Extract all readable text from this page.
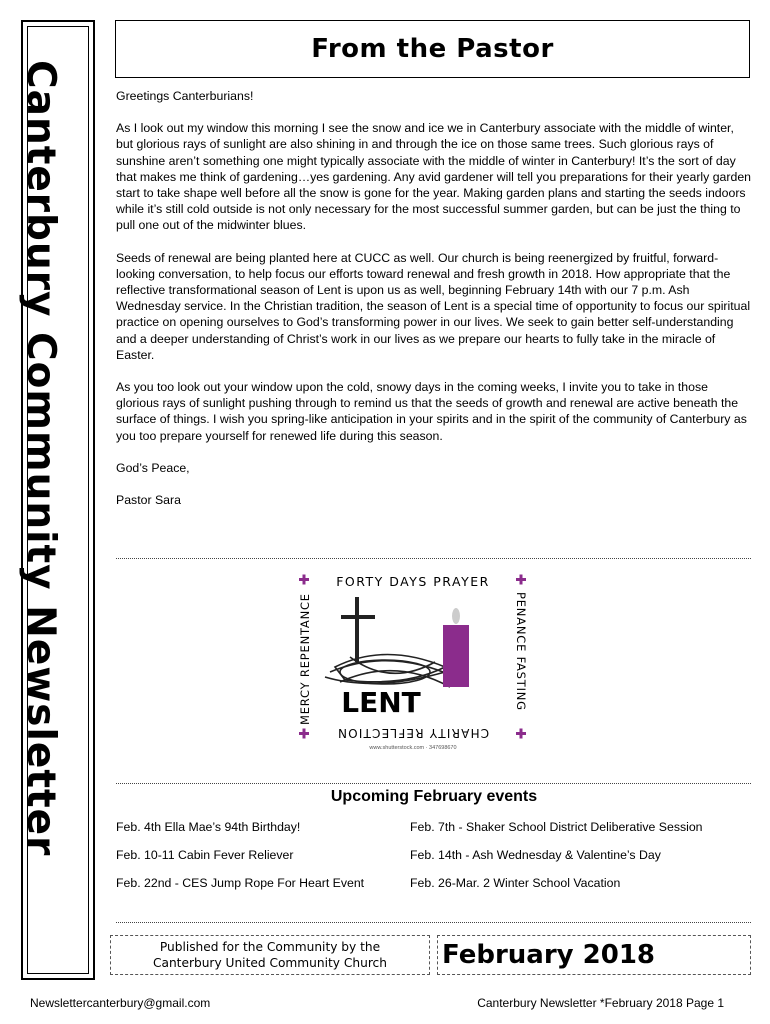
Canterbury Community Newsletter
From the Pastor

Greetings Canterburians!

As I look out my window this morning I see the snow and ice we in Canterbury associate with the middle of winter, but glorious rays of sunlight are also shining in and through the ice on those same trees. Such glorious rays of sunshine aren’t something one might typically associate with the middle of winter in Canterbury! It’s the sort of day that makes me think of gardening…yes gardening. Any avid gardener will tell you preparations for their yearly garden start to take shape well before all the snow is gone for the year. Making garden plans and starting the seeds indoors while it’s still cold outside is not only necessary for the most successful summer garden, but can be just the thing to pull one out of the midwinter blues.

Seeds of renewal are being planted here at CUCC as well. Our church is being reenergized by fruitful, forward-looking conversation, to help focus our efforts toward renewal and fresh growth in 2018. How appropriate that the reflective transformational season of Lent is upon us as well, beginning February 14th with our 7 p.m. Ash Wednesday service. In the Christian tradition, the season of Lent is a special time of opportunity to focus our spiritual practice on opening ourselves to God’s transforming power in our lives. We seek to gain better self-understanding and a deeper understanding of Christ’s work in our lives as we prepare our hearts to fully take in the miracle of Easter.

As you too look out your window upon the cold, snowy days in the coming weeks, I invite you to take in those glorious rays of sunlight pushing through to remind us that the seeds of growth and renewal are active beneath the surface of things. I wish you spring-like anticipation in your spirits and in the spirit of the community of Canterbury as you too prepare yourself for renewed life during this season.

God’s Peace,

Pastor Sara

FORTY DAYS PRAYER
MERCY REPENTANCE	PENANCE FASTING
CHARITY REFLECTION
LENT
www.shutterstock.com · 347698670
Upcoming February events
Feb. 4th Ella Mae’s 94th Birthday!	Feb. 7th - Shaker School District Deliberative Session
Feb. 10-11 Cabin Fever Reliever	Feb. 14th - Ash Wednesday & Valentine’s Day
Feb. 22nd - CES Jump Rope For Heart Event	Feb. 26-Mar. 2 Winter School Vacation
Published for the Community by the
Canterbury United Community Church	February 2018
Newslettercanterbury@gmail.com	Canterbury Newsletter *February 2018 Page 1
